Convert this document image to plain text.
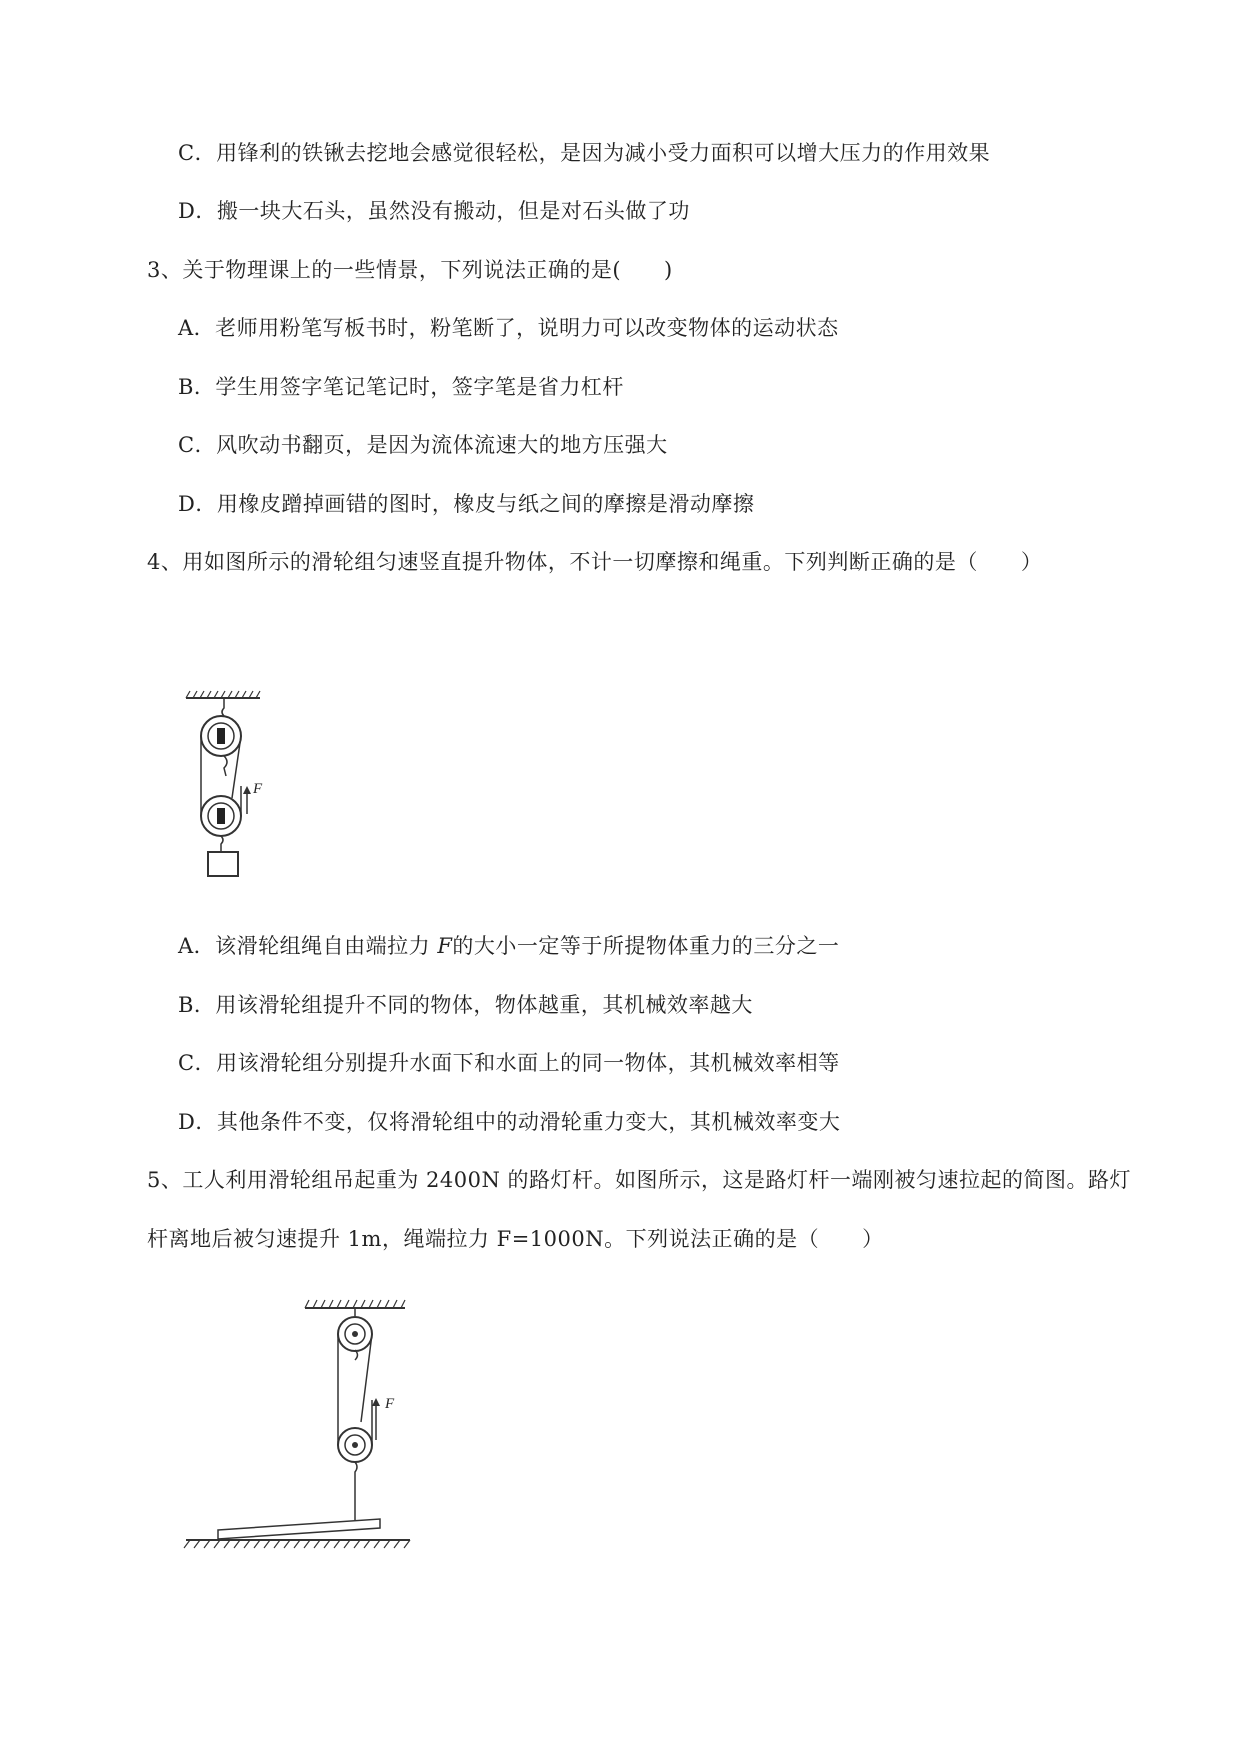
C．用锋利的铁锹去挖地会感觉很轻松，是因为减小受力面积可以增大压力的作用效果
D．搬一块大石头，虽然没有搬动，但是对石头做了功
3、关于物理课上的一些情景，下列说法正确的是(　　)
A．老师用粉笔写板书时，粉笔断了，说明力可以改变物体的运动状态
B．学生用签字笔记笔记时，签字笔是省力杠杆
C．风吹动书翻页，是因为流体流速大的地方压强大
D．用橡皮蹭掉画错的图时，橡皮与纸之间的摩擦是滑动摩擦
4、用如图所示的滑轮组匀速竖直提升物体，不计一切摩擦和绳重。下列判断正确的是（　　）
F
A．该滑轮组绳自由端拉力 F的大小一定等于所提物体重力的三分之一
B．用该滑轮组提升不同的物体，物体越重，其机械效率越大
C．用该滑轮组分别提升水面下和水面上的同一物体，其机械效率相等
D．其他条件不变，仅将滑轮组中的动滑轮重力变大，其机械效率变大
5、工人利用滑轮组吊起重为 2400N 的路灯杆。如图所示，这是路灯杆一端刚被匀速拉起的简图。路灯
杆离地后被匀速提升 1m，绳端拉力 F=1000N。下列说法正确的是（　　）
F
